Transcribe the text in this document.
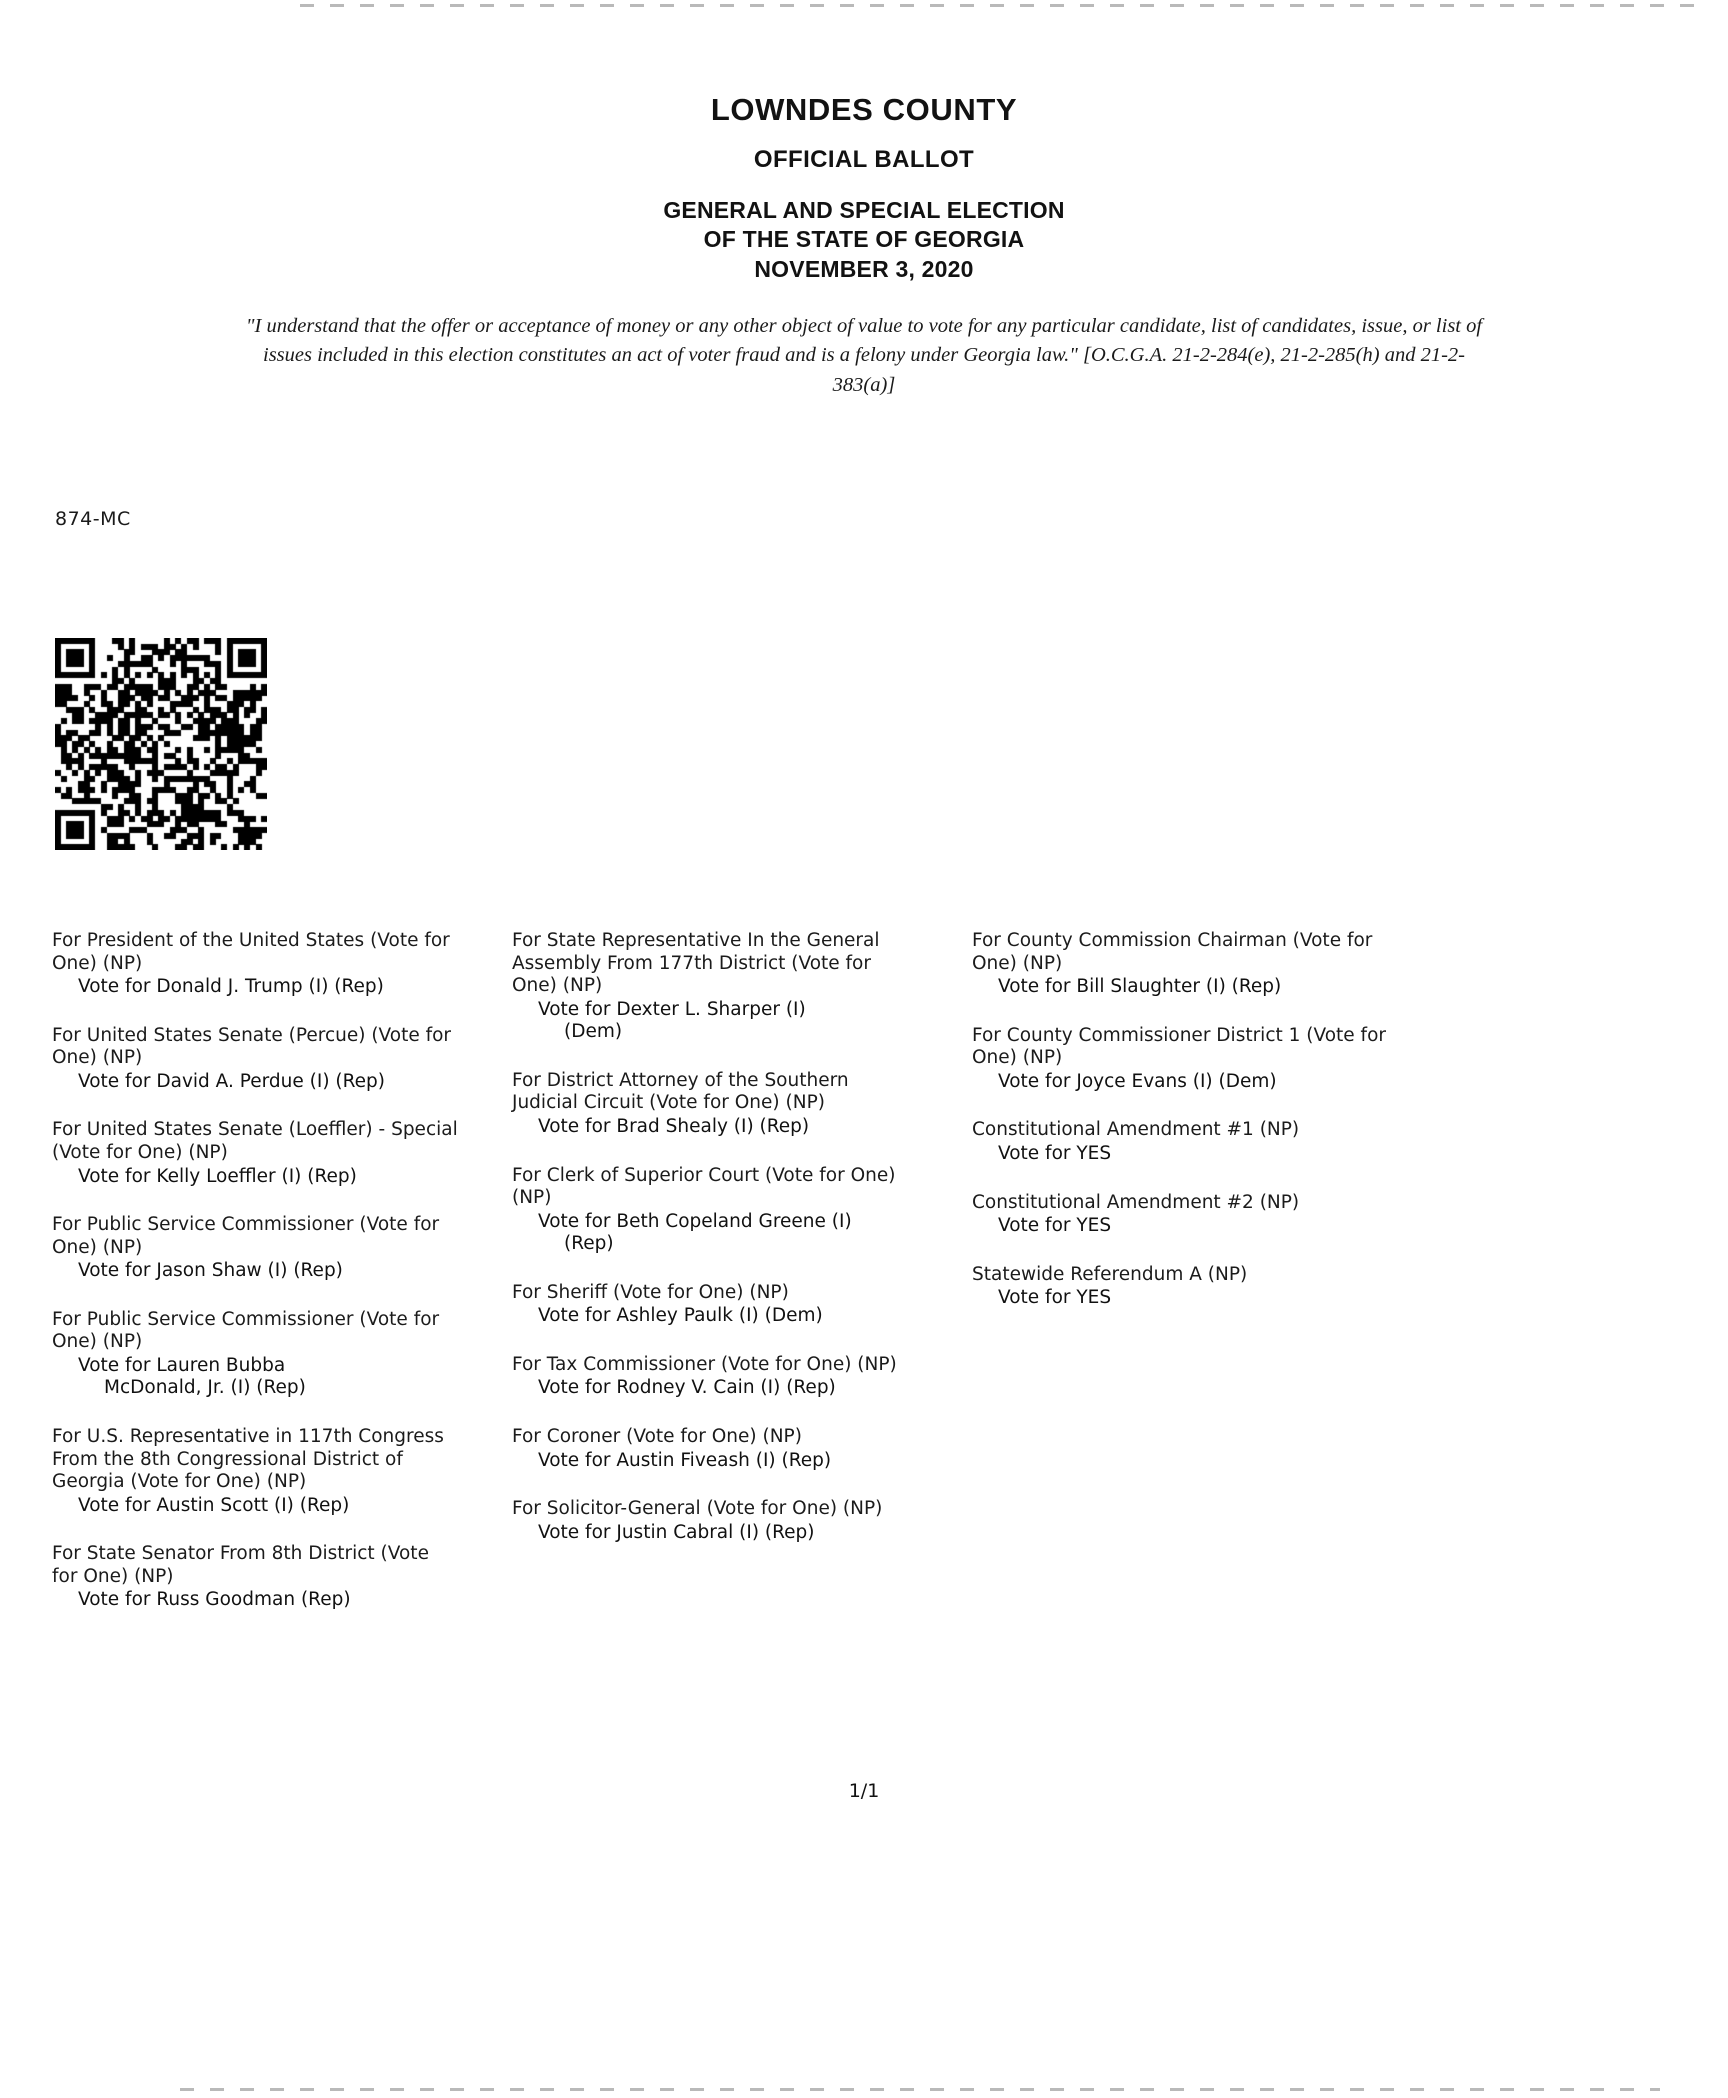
LOWNDES COUNTY
OFFICIAL BALLOT
GENERAL AND SPECIAL ELECTION
OF THE STATE OF GEORGIA
NOVEMBER 3, 2020
"I understand that the offer or acceptance of money or any other object of value to vote for any particular candidate, list of candidates, issue, or list of issues included in this election constitutes an act of voter fraud and is a felony under Georgia law." [O.C.G.A. 21-2-284(e), 21-2-285(h) and 21-2-383(a)]
874-MC
For President of the United States (Vote for One) (NP)
Vote for Donald J. Trump (I) (Rep)
For United States Senate (Percue) (Vote for One) (NP)
Vote for David A. Perdue (I) (Rep)
For United States Senate (Loeffler) - Special (Vote for One) (NP)
Vote for Kelly Loeffler (I) (Rep)
For Public Service Commissioner (Vote for One) (NP)
Vote for Jason Shaw (I) (Rep)
For Public Service Commissioner (Vote for One) (NP)
Vote for Lauren Bubba
McDonald, Jr. (I) (Rep)
For U.S. Representative in 117th Congress From the 8th Congressional District of Georgia (Vote for One) (NP)
Vote for Austin Scott (I) (Rep)
For State Senator From 8th District (Vote for One) (NP)
Vote for Russ Goodman (Rep)
For State Representative In the General Assembly From 177th District (Vote for One) (NP)
Vote for Dexter L. Sharper (I)
(Dem)
For District Attorney of the Southern Judicial Circuit (Vote for One) (NP)
Vote for Brad Shealy (I) (Rep)
For Clerk of Superior Court (Vote for One) (NP)
Vote for Beth Copeland Greene (I)
(Rep)
For Sheriff (Vote for One) (NP)
Vote for Ashley Paulk (I) (Dem)
For Tax Commissioner (Vote for One) (NP)
Vote for Rodney V. Cain (I) (Rep)
For Coroner (Vote for One) (NP)
Vote for Austin Fiveash (I) (Rep)
For Solicitor-General (Vote for One) (NP)
Vote for Justin Cabral (I) (Rep)
For County Commission Chairman (Vote for One) (NP)
Vote for Bill Slaughter (I) (Rep)
For County Commissioner District 1 (Vote for One) (NP)
Vote for Joyce Evans (I) (Dem)
Constitutional Amendment #1 (NP)
Vote for YES
Constitutional Amendment #2 (NP)
Vote for YES
Statewide Referendum A (NP)
Vote for YES
1/1
